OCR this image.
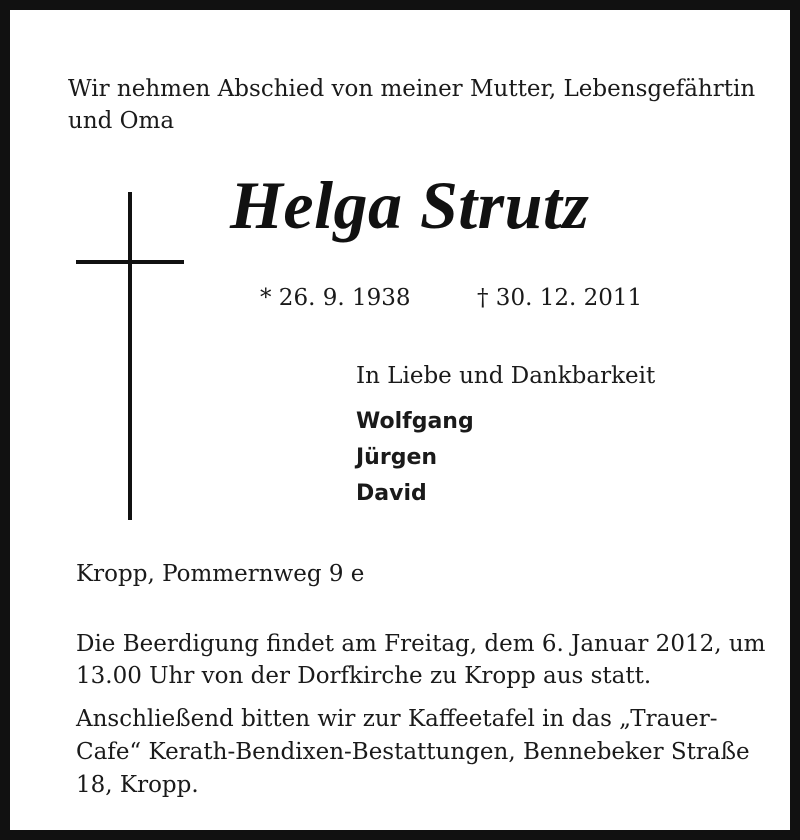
Wir nehmen Abschied von meiner Mutter, Lebensgefährtin und Oma

Helga Strutz
* 26. 9. 1938	† 30. 12. 2011

In Liebe und Dankbarkeit

Wolfgang
Jürgen
David

Kropp, Pommernweg 9 e

Die Beerdigung findet am Freitag, dem 6. Januar 2012, um 13.00 Uhr von der Dorfkirche zu Kropp aus statt.

Anschließend bitten wir zur Kaffeetafel in das „Trauer-Cafe“ Kerath-Bendixen-Bestattungen, Bennebeker Straße 18, Kropp.
